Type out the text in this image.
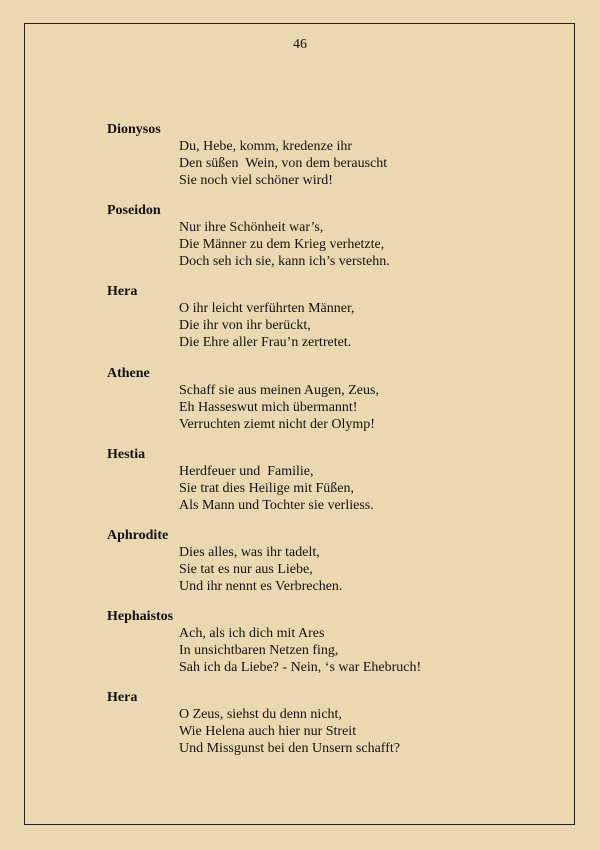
46
Dionysos
Du, Hebe, komm, kredenze ihr
Den süßen  Wein, von dem berauscht
Sie noch viel schöner wird!
Poseidon
Nur ihre Schönheit war’s,
Die Männer zu dem Krieg verhetzte,
Doch seh ich sie, kann ich’s verstehn.
Hera
O ihr leicht verführten Männer,
Die ihr von ihr berückt,
Die Ehre aller Frau’n zertretet.
Athene
Schaff sie aus meinen Augen, Zeus,
Eh Hasseswut mich übermannt!
Verruchten ziemt nicht der Olymp!
Hestia
Herdfeuer und  Familie,
Sie trat dies Heilige mit Füßen,
Als Mann und Tochter sie verliess.
Aphrodite
Dies alles, was ihr tadelt,
Sie tat es nur aus Liebe,
Und ihr nennt es Verbrechen.
Hephaistos
Ach, als ich dich mit Ares
In unsichtbaren Netzen fing,
Sah ich da Liebe? - Nein, ‘s war Ehebruch!
Hera
O Zeus, siehst du denn nicht,
Wie Helena auch hier nur Streit
Und Missgunst bei den Unsern schafft?
